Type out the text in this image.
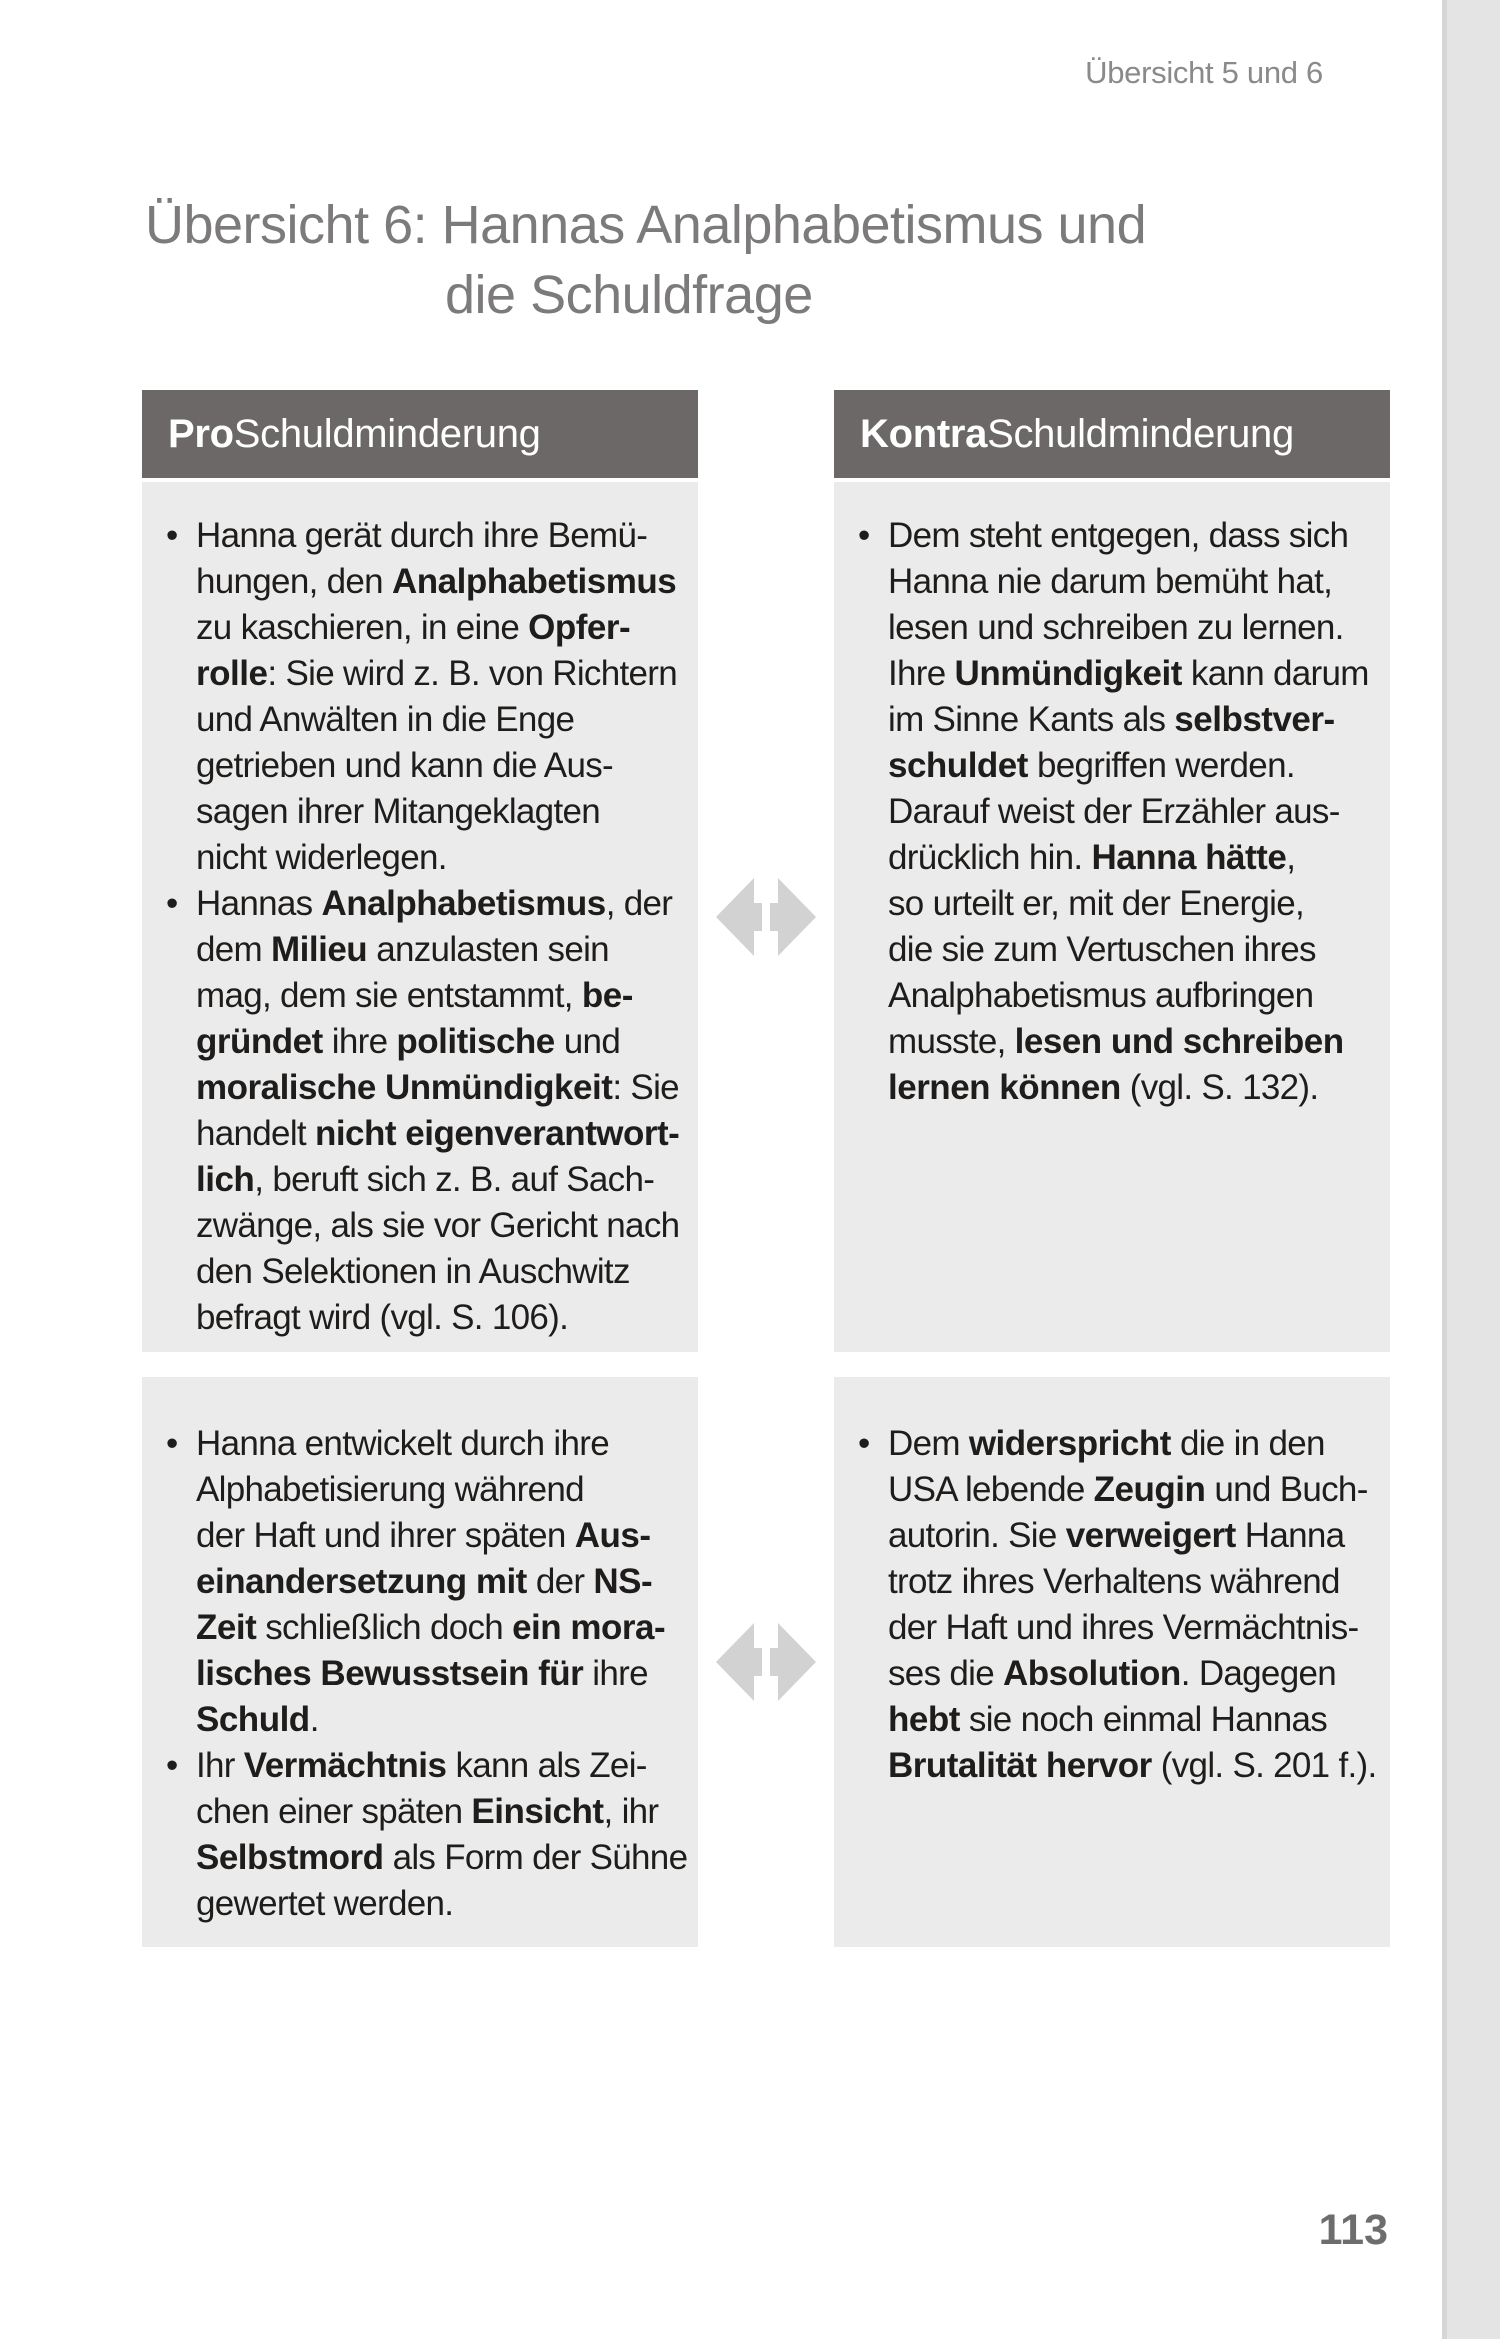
Übersicht 5 und 6
Übersicht 6: Hannas Analphabetismus und
die Schuldfrage
Pro Schuldminderung	Kontra Schuldminderung
• Hanna gerät durch ihre Bemü-
hungen, den Analphabetismus
zu kaschieren, in eine Opfer-
rolle: Sie wird z. B. von Richtern
und Anwälten in die Enge
getrieben und kann die Aus-
sagen ihrer Mitangeklagten
nicht widerlegen.
• Hannas Analphabetismus, der
dem Milieu anzulasten sein
mag, dem sie entstammt, be-
gründet ihre politische und
moralische Unmündigkeit: Sie
handelt nicht eigenverantwort-
lich, beruft sich z. B. auf Sach-
zwänge, als sie vor Gericht nach
den Selektionen in Auschwitz
befragt wird (vgl. S. 106).
• Dem steht entgegen, dass sich
Hanna nie darum bemüht hat,
lesen und schreiben zu lernen.
Ihre Unmündigkeit kann darum
im Sinne Kants als selbstver-
schuldet begriffen werden.
Darauf weist der Erzähler aus-
drücklich hin. Hanna hätte,
so urteilt er, mit der Energie,
die sie zum Vertuschen ihres
Analphabetismus aufbringen
musste, lesen und schreiben
lernen können (vgl. S. 132).
• Hanna entwickelt durch ihre
Alphabetisierung während
der Haft und ihrer späten Aus-
einandersetzung mit der NS-
Zeit schließlich doch ein mora-
lisches Bewusstsein für ihre
Schuld.
• Ihr Vermächtnis kann als Zei-
chen einer späten Einsicht, ihr
Selbstmord als Form der Sühne
gewertet werden.
• Dem widerspricht die in den
USA lebende Zeugin und Buch-
autorin. Sie verweigert Hanna
trotz ihres Verhaltens während
der Haft und ihres Vermächtnis-
ses die Absolution. Dagegen
hebt sie noch einmal Hannas
Brutalität hervor (vgl. S. 201 f.).
113
